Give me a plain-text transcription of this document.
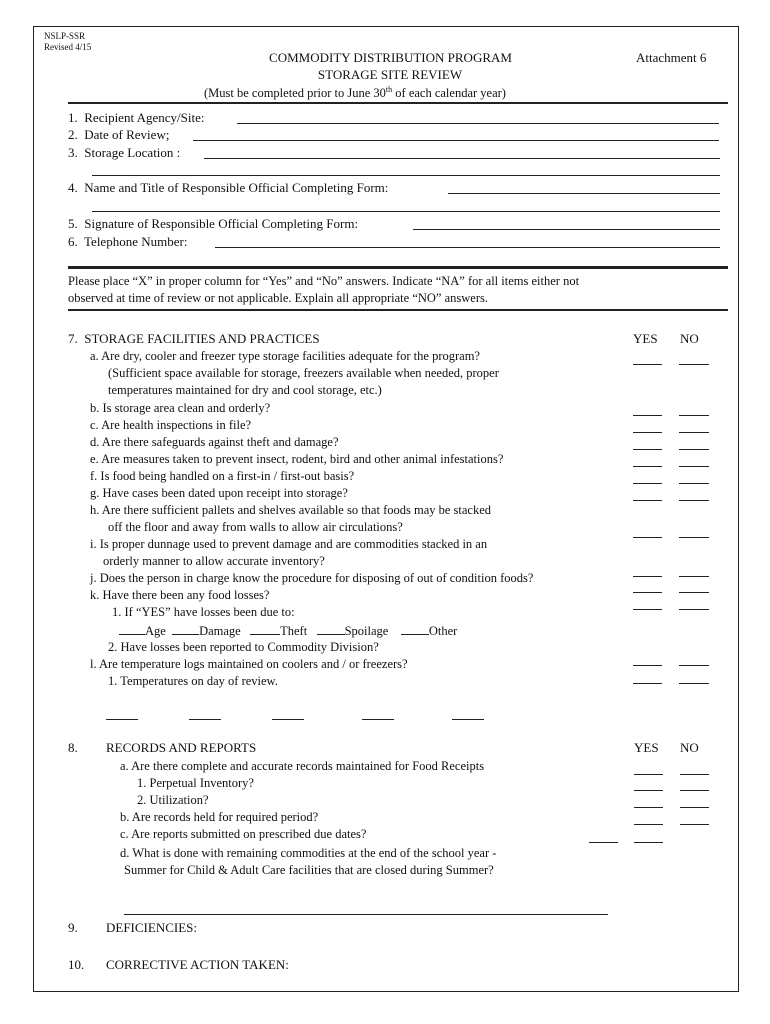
NSLP-SSR
Revised 4/15
COMMODITY DISTRIBUTION PROGRAM
STORAGE SITE REVIEW
Attachment 6
(Must be completed prior to June 30th of each calendar year)
1. Recipient Agency/Site:
2. Date of Review;
3. Storage Location :
4. Name and Title of Responsible Official Completing Form:
5. Signature of Responsible Official Completing Form:
6. Telephone Number:
Please place “X” in proper column for “Yes” and “No” answers. Indicate “NA” for all items either not
observed at time of review or not applicable. Explain all appropriate “NO” answers.
7. STORAGE FACILITIES AND PRACTICES	YES NO
a. Are dry, cooler and freezer type storage facilities adequate for the program?
(Sufficient space available for storage, freezers available when needed, proper
temperatures maintained for dry and cool storage, etc.)
b. Is storage area clean and orderly?
c. Are health inspections in file?
d. Are there safeguards against theft and damage?
e. Are measures taken to prevent insect, rodent, bird and other animal infestations?
f. Is food being handled on a first-in / first-out basis?
g. Have cases been dated upon receipt into storage?
h. Are there sufficient pallets and shelves available so that foods may be stacked
off the floor and away from walls to allow air circulations?
i. Is proper dunnage used to prevent damage and are commodities stacked in an
orderly manner to allow accurate inventory?
j. Does the person in charge know the procedure for disposing of out of condition foods?
k. Have there been any food losses?
1. If “YES” have losses been due to:
Age	Damage	Theft	Spoilage	Other
2. Have losses been reported to Commodity Division?
l. Are temperature logs maintained on coolers and / or freezers?
1. Temperatures on day of review.
8. RECORDS AND REPORTS	YES NO
a. Are there complete and accurate records maintained for Food Receipts
1. Perpetual Inventory?
2. Utilization?
b. Are records held for required period?
c. Are reports submitted on prescribed due dates?
d. What is done with remaining commodities at the end of the school year -
Summer for Child & Adult Care facilities that are closed during Summer?
9. DEFICIENCIES:
10. CORRECTIVE ACTION TAKEN:
